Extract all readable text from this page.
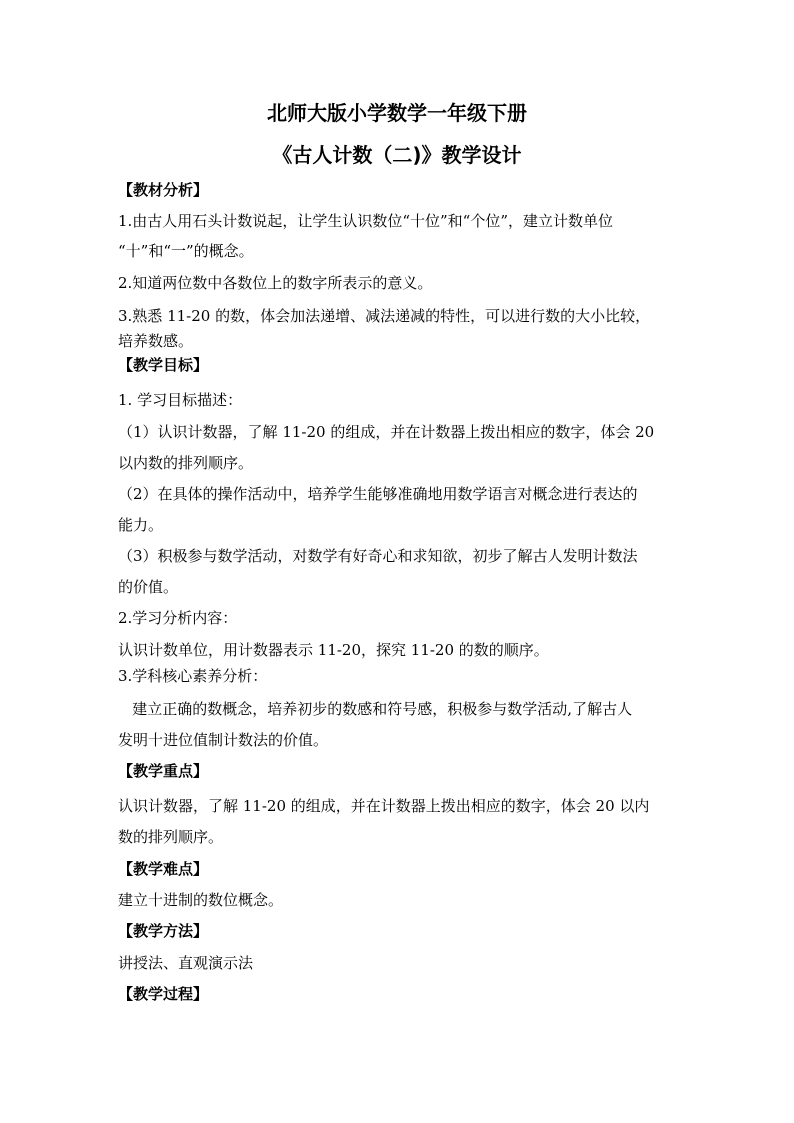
北师大版小学数学一年级下册
《古人计数（二)》教学设计
【教材分析】
1.由古人用石头计数说起，让学生认识数位“十位”和“个位”，建立计数单位
“十”和“一”的概念。
2.知道两位数中各数位上的数字所表示的意义。
3.熟悉 11-20 的数，体会加法递增、减法递减的特性，可以进行数的大小比较，
培养数感。
【教学目标】
1. 学习目标描述：
（1）认识计数器，了解 11-20 的组成，并在计数器上拨出相应的数字，体会 20
以内数的排列顺序。
（2）在具体的操作活动中，培养学生能够准确地用数学语言对概念进行表达的
能力。
（3）积极参与数学活动，对数学有好奇心和求知欲，初步了解古人发明计数法
的价值。
2.学习分析内容：
认识计数单位，用计数器表示 11-20，探究 11-20 的数的顺序。
3.学科核心素养分析：
建立正确的数概念，培养初步的数感和符号感，积极参与数学活动,了解古人
发明十进位值制计数法的价值。
【教学重点】
认识计数器，了解 11-20 的组成，并在计数器上拨出相应的数字，体会 20 以内
数的排列顺序。
【教学难点】
建立十进制的数位概念。
【教学方法】
讲授法、直观演示法
【教学过程】
